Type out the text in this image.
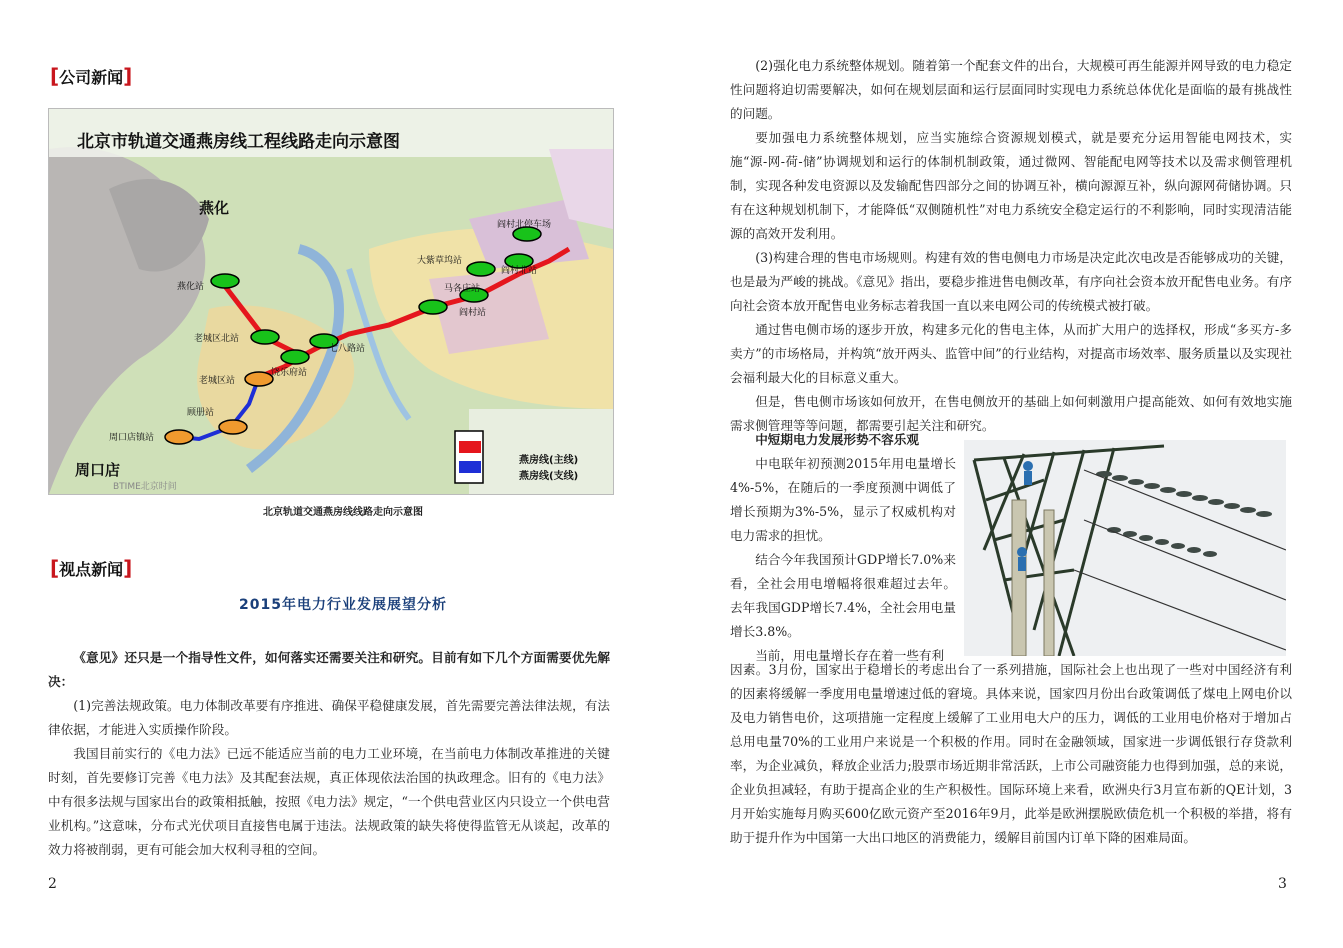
[公司新闻]
北京市轨道交通燕房线工程线路走向示意图
燕化
周口店
燕化站
老城区北站
老城区站
饶乐府站
马各庄站
大紫草坞站
阎村站
阎村北站
阎村北停车场
顾册站
周口店镇站
七八路站
燕房线(主线)
燕房线(支线)
BTIME北京时间
北京轨道交通燕房线线路走向示意图
[视点新闻]
2015年电力行业发展展望分析

《意见》还只是一个指导性文件，如何落实还需要关注和研究。目前有如下几个方面需要优先解决：

(1)完善法规政策。电力体制改革要有序推进、确保平稳健康发展，首先需要完善法律法规，有法律依据，才能进入实质操作阶段。

我国目前实行的《电力法》已远不能适应当前的电力工业环境，在当前电力体制改革推进的关键时刻，首先要修订完善《电力法》及其配套法规，真正体现依法治国的执政理念。旧有的《电力法》中有很多法规与国家出台的政策相抵触，按照《电力法》规定，“一个供电营业区内只设立一个供电营业机构。”这意味，分布式光伏项目直接售电属于违法。法规政策的缺失将使得监管无从谈起，改革的效力将被削弱，更有可能会加大权利寻租的空间。

2

(2)强化电力系统整体规划。随着第一个配套文件的出台，大规模可再生能源并网导致的电力稳定性问题将迫切需要解决，如何在规划层面和运行层面同时实现电力系统总体优化是面临的最有挑战性的问题。

要加强电力系统整体规划，应当实施综合资源规划模式，就是要充分运用智能电网技术，实施“源-网-荷-储”协调规划和运行的体制机制政策，通过微网、智能配电网等技术以及需求侧管理机制，实现各种发电资源以及发输配售四部分之间的协调互补，横向源源互补，纵向源网荷储协调。只有在这种规划机制下，才能降低“双侧随机性”对电力系统安全稳定运行的不利影响，同时实现清洁能源的高效开发利用。

(3)构建合理的售电市场规则。构建有效的售电侧电力市场是决定此次电改是否能够成功的关键，也是最为严峻的挑战。《意见》指出，要稳步推进售电侧改革，有序向社会资本放开配售电业务。有序向社会资本放开配售电业务标志着我国一直以来电网公司的传统模式被打破。

通过售电侧市场的逐步开放，构建多元化的售电主体，从而扩大用户的选择权，形成“多买方-多卖方”的市场格局，并构筑“放开两头、监管中间”的行业结构，对提高市场效率、服务质量以及实现社会福利最大化的目标意义重大。

但是，售电侧市场该如何放开，在售电侧放开的基础上如何刺激用户提高能效、如何有效地实施需求侧管理等等问题，都需要引起关注和研究。

中短期电力发展形势不容乐观

中电联年初预测2015年用电量增长4%-5%，在随后的一季度预测中调低了增长预期为3%-5%，显示了权威机构对电力需求的担忧。

结合今年我国预计GDP增长7.0%来看，全社会用电增幅将很难超过去年。去年我国GDP增长7.4%，全社会用电量增长3.8%。

当前，用电量增长存在着一些有利

因素。3月份，国家出于稳增长的考虑出台了一系列措施，国际社会上也出现了一些对中国经济有利的因素将缓解一季度用电量增速过低的窘境。具体来说，国家四月份出台政策调低了煤电上网电价以及电力销售电价，这项措施一定程度上缓解了工业用电大户的压力，调低的工业用电价格对于增加占总用电量70%的工业用户来说是一个积极的作用。同时在金融领域，国家进一步调低银行存贷款利率，为企业减负，释放企业活力;股票市场近期非常活跃，上市公司融资能力也得到加强，总的来说，企业负担减轻，有助于提高企业的生产积极性。国际环境上来看，欧洲央行3月宣布新的QE计划，3月开始实施每月购买600亿欧元资产至2016年9月，此举是欧洲摆脱欧债危机一个积极的举措，将有助于提升作为中国第一大出口地区的消费能力，缓解目前国内订单下降的困难局面。

3
